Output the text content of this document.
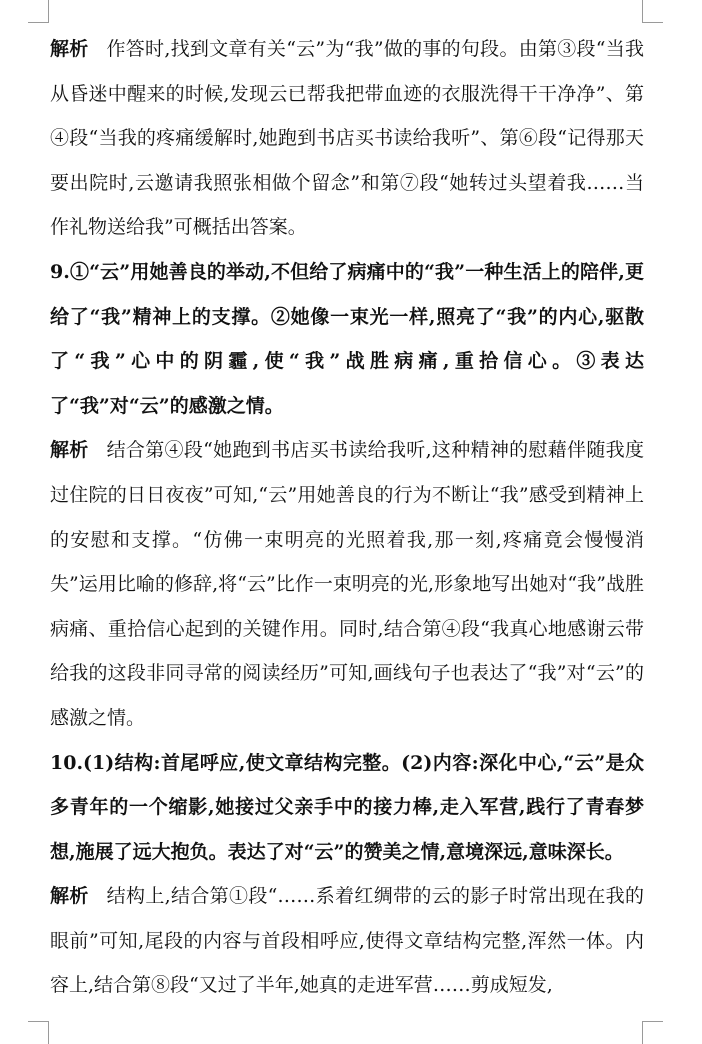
解析 作答时,找到文章有关“云”为“我”做的事的句段。由第③段“当我从昏迷中醒来的时候,发现云已帮我把带血迹的衣服洗得干干净净”、第④段“当我的疼痛缓解时,她跑到书店买书读给我听”、第⑥段“记得那天要出院时,云邀请我照张相做个留念”和第⑦段“她转过头望着我……当作礼物送给我”可概括出答案。

9.①“云”用她善良的举动,不但给了病痛中的“我”一种生活上的陪伴,更给了“我”精神上的支撑。②她像一束光一样,照亮了“我”的内心,驱散了“我”心中的阴霾,使“我”战胜病痛,重拾信心。③表达了“我”对“云”的感激之情。

解析 结合第④段“她跑到书店买书读给我听,这种精神的慰藉伴随我度过住院的日日夜夜”可知,“云”用她善良的行为不断让“我”感受到精神上的安慰和支撑。“仿佛一束明亮的光照着我,那一刻,疼痛竟会慢慢消失”运用比喻的修辞,将“云”比作一束明亮的光,形象地写出她对“我”战胜病痛、重拾信心起到的关键作用。同时,结合第④段“我真心地感谢云带给我的这段非同寻常的阅读经历”可知,画线句子也表达了“我”对“云”的感激之情。

10.(1)结构:首尾呼应,使文章结构完整。(2)内容:深化中心,“云”是众多青年的一个缩影,她接过父亲手中的接力棒,走入军营,践行了青春梦想,施展了远大抱负。表达了对“云”的赞美之情,意境深远,意味深长。

解析 结构上,结合第①段“……系着红绸带的云的影子时常出现在我的眼前”可知,尾段的内容与首段相呼应,使得文章结构完整,浑然一体。内容上,结合第⑧段“又过了半年,她真的走进军营……剪成短发,
